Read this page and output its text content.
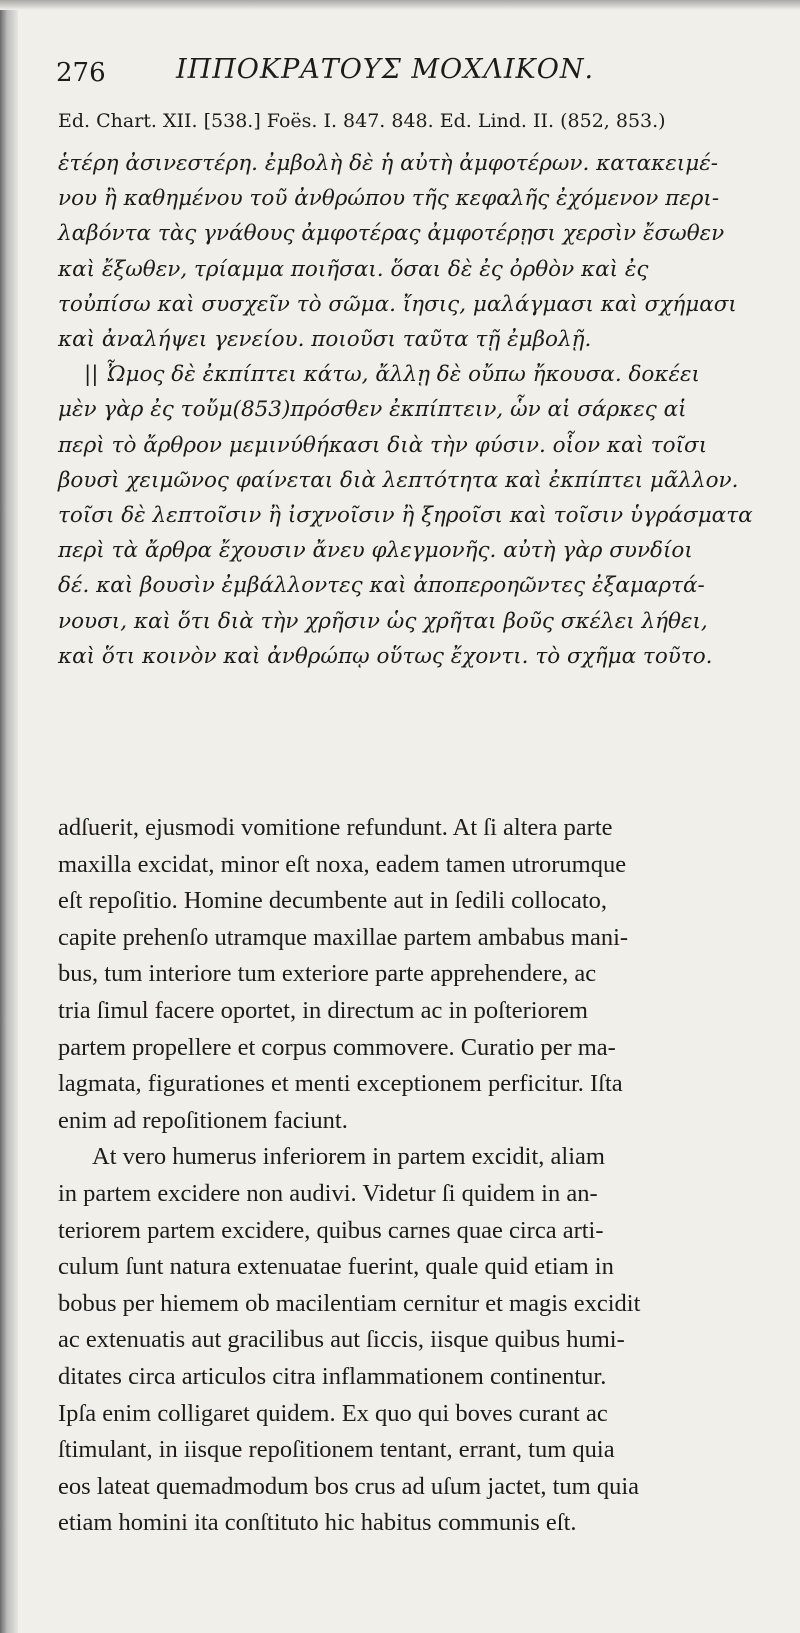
276	ΙΠΠΟΚΡΑΤΟΥΣ ΜΟΧΛΙΚΟΝ.
Ed. Chart. XII. [538.] Foës. I. 847. 848. Ed. Lind. II. (852, 853.)
ἑτέρη ἀσινεστέρη. ἐμβολὴ δὲ ἡ αὐτὴ ἀμφοτέρων. κατακειμέ-
νου ἢ καθημένου τοῦ ἀνθρώπου τῆς κεφαλῆς ἐχόμενον περι-
λαβόντα τὰς γνάθους ἀμφοτέρας ἀμφοτέρῃσι χερσὶν ἔσωθεν
καὶ ἔξωθεν, τρίαμμα ποιῆσαι. ὅσαι δὲ ἐς ὀρθὸν καὶ ἐς
τοὐπίσω καὶ συσχεῖν τὸ σῶμα. ἴησις, μαλάγμασι καὶ σχήμασι
καὶ ἀναλήψει γενείου. ποιοῦσι ταῦτα τῇ ἐμβολῇ.
|| Ὦμος δὲ ἐκπίπτει κάτω, ἄλλῃ δὲ οὔπω ἤκουσα. δοκέει
μὲν γὰρ ἐς τοὔμ(853)πρόσθεν ἐκπίπτειν, ὧν αἱ σάρκες αἱ
περὶ τὸ ἄρθρον μεμινύθήκασι διὰ τὴν φύσιν. οἷον καὶ τοῖσι
βουσὶ χειμῶνος φαίνεται διὰ λεπτότητα καὶ ἐκπίπτει μᾶλλον.
τοῖσι δὲ λεπτοῖσιν ἢ ἰσχνοῖσιν ἢ ξηροῖσι καὶ τοῖσιν ὑγράσματα
περὶ τὰ ἄρθρα ἔχουσιν ἄνευ φλεγμονῆς. αὐτὴ γὰρ συνδίοι
δέ. καὶ βουσὶν ἐμβάλλοντες καὶ ἀποπεροηῶντες ἐξαμαρτά-
νουσι, καὶ ὅτι διὰ τὴν χρῆσιν ὡς χρῆται βοῦς σκέλει λήθει,
καὶ ὅτι κοινὸν καὶ ἀνθρώπῳ οὕτως ἔχοντι. τὸ σχῆμα τοῦτο.
adſuerit, ejusmodi vomitione refundunt. At ſi altera parte
maxilla excidat, minor eſt noxa, eadem tamen utrorumque
eſt repoſitio. Homine decumbente aut in ſedili collocato,
capite prehenſo utramque maxillae partem ambabus mani-
bus, tum interiore tum exteriore parte apprehendere, ac
tria ſimul facere oportet, in directum ac in poſteriorem
partem propellere et corpus commovere. Curatio per ma-
lagmata, figurationes et menti exceptionem perficitur. Iſta
enim ad repoſitionem faciunt.
At vero humerus inferiorem in partem excidit, aliam
in partem excidere non audivi. Videtur ſi quidem in an-
teriorem partem excidere, quibus carnes quae circa arti-
culum ſunt natura extenuatae fuerint, quale quid etiam in
bobus per hiemem ob macilentiam cernitur et magis excidit
ac extenuatis aut gracilibus aut ſiccis, iisque quibus humi-
ditates circa articulos citra inflammationem continentur.
Ipſa enim colligaret quidem. Ex quo qui boves curant ac
ſtimulant, in iisque repoſitionem tentant, errant, tum quia
eos lateat quemadmodum bos crus ad uſum jactet, tum quia
etiam homini ita conſtituto hic habitus communis eſt.
